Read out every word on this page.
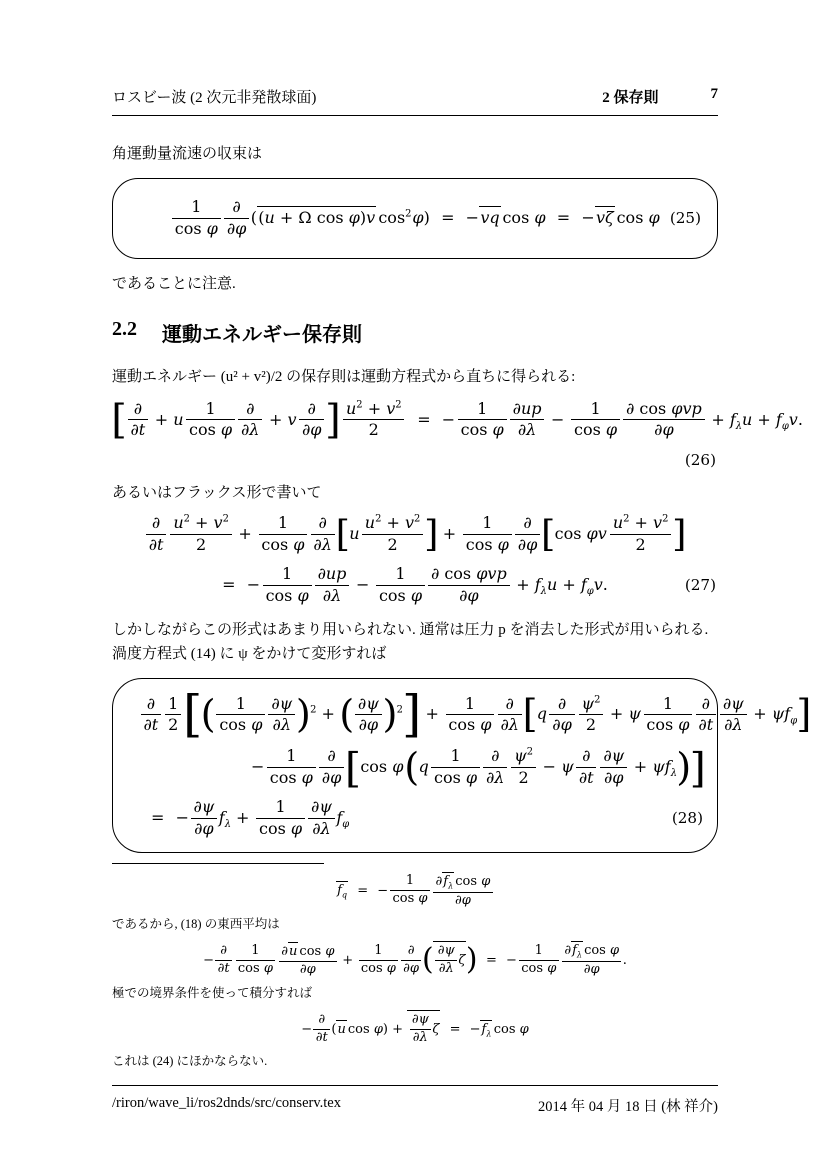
ロスビー波 (2 次元非発散球面)	2 保存則	7

角運動量流速の収束は

$\frac{1}{\text{cos φ}} \frac{\partial}{\partial\varphi} ((u + \Omega$ cos φ)v $\cos^2\varphi) = -vq$ cos φ = −vζ cos φ (25)

であることに注意.

2.2 運動エネルギー保存則

運動エネルギー (u² + v²)/2 の保存則は運動方程式から直ちに得られる:

[ $\frac{\partial}{\partial t} + u \frac{1}{\text{cos φ}} \frac{\partial}{\partial\lambda} + v \frac{\partial}{\partial\varphi}$ ] $\frac{u^2 + v^2}{2}$ = − $\frac{1}{\text{cos φ}} \frac{\partial up}{\partial\lambda} - \frac{1}{\text{cos φ}} \frac{\text{∂ cos φvp}}{\partial\varphi} + f_\lambda u + f_\varphi v$.
(26)

あるいはフラックス形で書いて

$\frac{\partial}{\partial t} \frac{u^2 + v^2}{2} + \frac{1}{\text{cos φ}} \frac{\partial}{\partial\lambda} [u \frac{u^2 + v^2}{2}$ ] + $\frac{1}{\text{cos φ}} \frac{\partial}{\partial\varphi} [\cos$ φv $\frac{u^2 + v^2}{2}$ ]
= − $\frac{1}{\text{cos φ}} \frac{\partial up}{\partial\lambda} - \frac{1}{\text{cos φ}} \frac{\text{∂ cos φvp}}{\partial\varphi} + f_\lambda u + f_\varphi v$.	(27)

しかしながらこの形式はあまり用いられない. 通常は圧力 p を消去した形式が用いられる. 渦度方程式 (14) に ψ をかけて変形すれば

$\frac{\partial}{\partial t} \frac{1}{2}$ [( $\frac{1}{\text{cos φ}} \frac{\partial\psi}{\partial\lambda} )^2$ + ( $\frac{\partial\psi}{\partial\varphi} )^2] + \frac{1}{\text{cos φ}} \frac{\partial}{\partial\lambda} [q \frac{\partial}{\partial\varphi} \frac{\psi^2}{2} + \psi \frac{1}{\text{cos φ}} \frac{\partial}{\partial t} \frac{\partial\psi}{\partial\lambda} + \psi f_\varphi]$
− $\frac{1}{\text{cos φ}} \frac{\partial}{\partial\varphi} [\cos$ $\varphi(q \frac{1}{\text{cos φ}} \frac{\partial}{\partial\lambda} \frac{\psi^2}{2} - \psi \frac{\partial}{\partial t} \frac{\partial\psi}{\partial\varphi} + \psi f_\lambda)$]
= − $\frac{\partial\psi}{\partial\varphi} f_\lambda + \frac{1}{\text{cos φ}} \frac{\partial\psi}{\partial\lambda} f_\varphi$	(28)
$f_q$ = − $\frac{1}{\text{cos φ}} \frac{\partial f_\lambda \cos \varphi}{\partial\varphi}$

であるから, (18) の東西平均は

− $\frac{\partial}{\partial t} \frac{1}{\text{cos φ}} \frac{\text{∂u cos φ}}{\partial\varphi} + \frac{1}{\text{cos φ}} \frac{\partial}{\partial\varphi}$ ( $\frac{\partial\psi}{\partial\lambda} \zeta$) = − $\frac{1}{\text{cos φ}} \frac{\partial f_\lambda \cos \varphi}{\partial\varphi}$ .

極での境界条件を使って積分すれば

− $\frac{\partial}{\partial t} (u$ $\cos \varphi) + \frac{\partial\psi}{\partial\lambda}$ $\zeta = -f_\lambda$ cos φ

これは (24) にほかならない.

/riron/wave_li/ros2dnds/src/conserv.tex	2014 年 04 月 18 日 (林 祥介)
